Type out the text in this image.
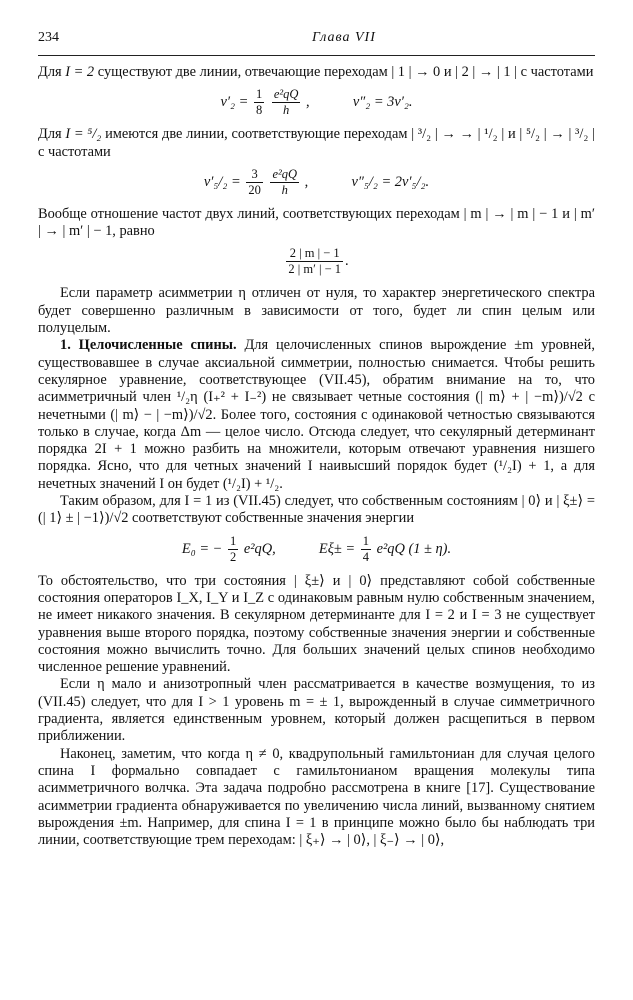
234	Глава VII

Для I = 2 существуют две линии, отвечающие переходам | 1 | → 0 и | 2 | → | 1 | с частотами

$\nu'_2 = \frac{1}{8}$
$\frac{\text{e²qQ}}{h}$ ,	ν″₂ = 3ν′₂.

Для I = ⁵/₂ имеются две линии, соответствующие переходам | ³/₂ | → → | ¹/₂ | и | ⁵/₂ | → | ³/₂ | с частотами

$\nu'_5/_2 = \frac{3}{20}$
$\frac{\text{e²qQ}}{h}$ ,	ν″₅/₂ = 2ν′₅/₂.

Вообще отношение частот двух линий, соответствующих переходам | m | → | m | − 1 и | m′ | → | m′ | − 1, равно

$\frac{2 | m | - 1}{2 | m' | - 1}$ .

Если параметр асимметрии η отличен от нуля, то характер энергетического спектра будет совершенно различным в зависимости от того, будет ли спин целым или полуцелым.

1. Целочисленные спины. Для целочисленных спинов вырождение ±m уровней, существовавшее в случае аксиальной симметрии, полностью снимается. Чтобы решить секулярное уравнение, соответствующее (VII.45), обратим внимание на то, что асимметричный член ¹/₂η (I₊² + I₋²) не связывает четные состояния (| m⟩ + | −m⟩)/√2 с нечетными (| m⟩ − | −m⟩)/√2. Более того, состояния с одинаковой четностью связываются только в случае, когда Δm — целое число. Отсюда следует, что секулярный детерминант порядка 2I + 1 можно разбить на множители, которым отвечают уравнения низшего порядка. Ясно, что для четных значений I наивысший порядок будет (¹/₂I) + 1, а для нечетных значений I он будет (¹/₂I) + ¹/₂.

Таким образом, для I = 1 из (VII.45) следует, что собственным состояниям | 0⟩ и | ξ±⟩ = (| 1⟩ ± | −1⟩)/√2 соответствуют собственные значения энергии

E₀ = − $\frac{1}{2} e^2qQ$,	$E\xi\pm = \frac{1}{4} e^2qQ$ (1 ± η).

То обстоятельство, что три состояния | ξ±⟩ и | 0⟩ представляют собой собственные состояния операторов I_X, I_Y и I_Z с одинаковым равным нулю собственным значением, не имеет никакого значения. В секулярном детерминанте для I = 2 и I = 3 не существует уравнения выше второго порядка, поэтому собственные значения энергии и собственные состояния можно вычислить точно. Для больших значений целых спинов необходимо численное решение уравнений.

Если η мало и анизотропный член рассматривается в качестве возмущения, то из (VII.45) следует, что для I > 1 уровень m = ± 1, вырожденный в случае симметричного градиента, является единственным уровнем, который должен расщепиться в первом приближении.

Наконец, заметим, что когда η ≠ 0, квадрупольный гамильтониан для случая целого спина I формально совпадает с гамильтонианом вращения молекулы типа асимметричного волчка. Эта задача подробно рассмотрена в книге [17]. Существование асимметрии градиента обнаруживается по увеличению числа линий, вызванному снятием вырождения ±m. Например, для спина I = 1 в принципе можно было бы наблюдать три линии, соответствующие трем переходам: | ξ₊⟩ → | 0⟩, | ξ₋⟩ → | 0⟩,
